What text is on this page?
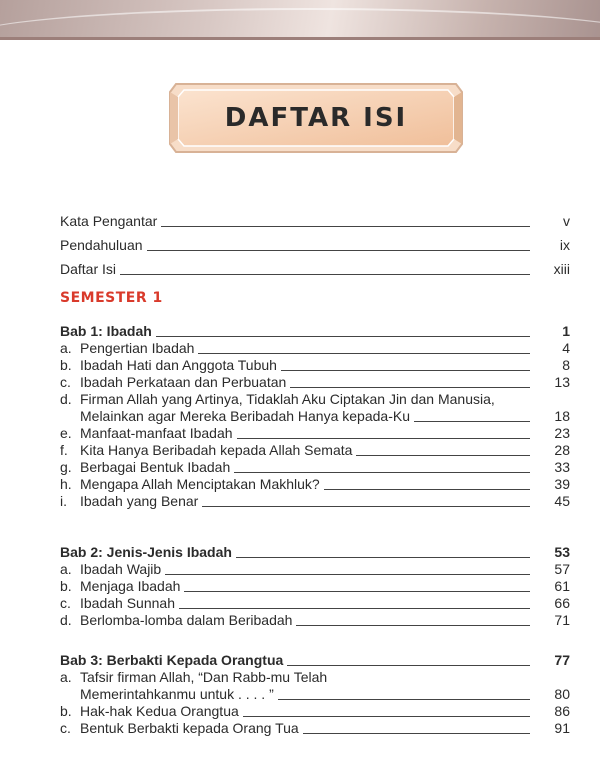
DAFTAR ISI
Kata Pengantar	v
Pendahuluan	ix
Daftar Isi	xiii
SEMESTER 1
Bab 1: Ibadah	1
a. Pengertian Ibadah	4
b. Ibadah Hati dan Anggota Tubuh	8
c. Ibadah Perkataan dan Perbuatan	13
d. Firman Allah yang Artinya, Tidaklah Aku Ciptakan Jin dan Manusia,
Melainkan agar Mereka Beribadah Hanya kepada-Ku	18
e. Manfaat-manfaat Ibadah	23
f. Kita Hanya Beribadah kepada Allah Semata	28
g. Berbagai Bentuk Ibadah	33
h. Mengapa Allah Menciptakan Makhluk?	39
i. Ibadah yang Benar	45
Bab 2: Jenis-Jenis Ibadah	53
a. Ibadah Wajib	57
b. Menjaga Ibadah	61
c. Ibadah Sunnah	66
d. Berlomba-lomba dalam Beribadah	71
Bab 3: Berbakti Kepada Orangtua	77
a. Tafsir firman Allah, “Dan Rabb-mu Telah
Memerintahkanmu untuk . . . . ”	80
b. Hak-hak Kedua Orangtua	86
c. Bentuk Berbakti kepada Orang Tua	91
